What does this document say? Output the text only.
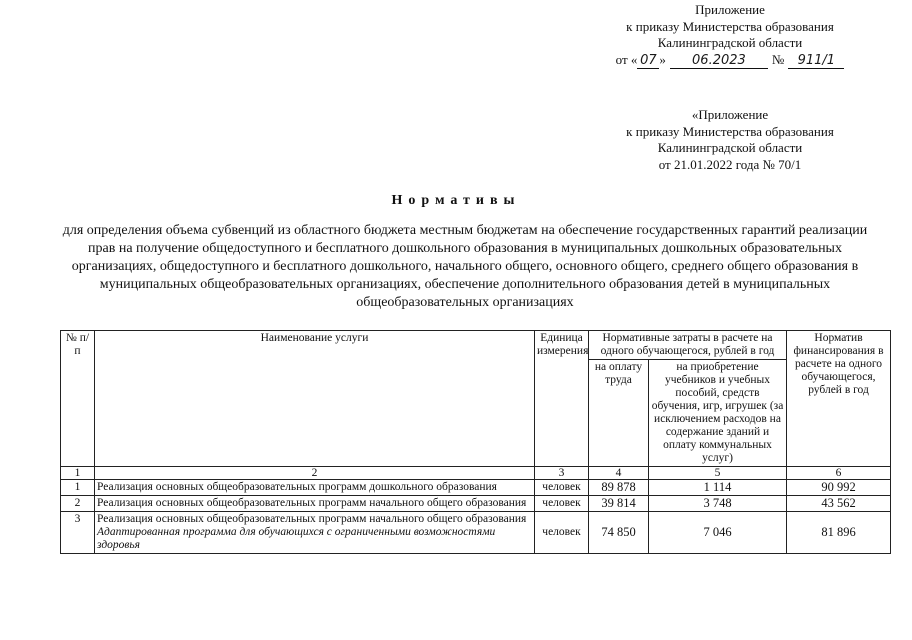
Приложение
к приказу Министерства образования
Калининградской области
от « 07 »	06.2023	№	911/1
«Приложение
к приказу Министерства образования
Калининградской области
от 21.01.2022 года № 70/1
Нормативы
для определения объема субвенций из областного бюджета местным бюджетам на обеспечение государственных гарантий реализации прав на получение общедоступного и бесплатного дошкольного образования в муниципальных дошкольных образовательных организациях, общедоступного и бесплатного дошкольного, начального общего, основного общего, среднего общего образования в муниципальных общеобразовательных организациях, обеспечение дополнительного образования детей в муниципальных общеобразовательных организациях
№ п/п	Наименование услуги	Единица измерения	Нормативные затраты в расчете на одного обучающегося, рублей в год		Норматив финансирования в расчете на одного обучающегося, рублей в год
			на оплату труда	на приобретение учебников и учебных пособий, средств обучения, игр, игрушек (за исключением расходов на содержание зданий и оплату коммунальных услуг)	
1	2	3	4	5	6
1	Реализация основных общеобразовательных программ дошкольного образования	человек	89 878	1 114	90 992
2	Реализация основных общеобразовательных программ начального общего образования	человек	39 814	3 748	43 562
3	Реализация основных общеобразовательных программ начального общего образования Адаптированная программа для обучающихся с ограниченными возможностями здоровья	человек	74 850	7 046	81 896
